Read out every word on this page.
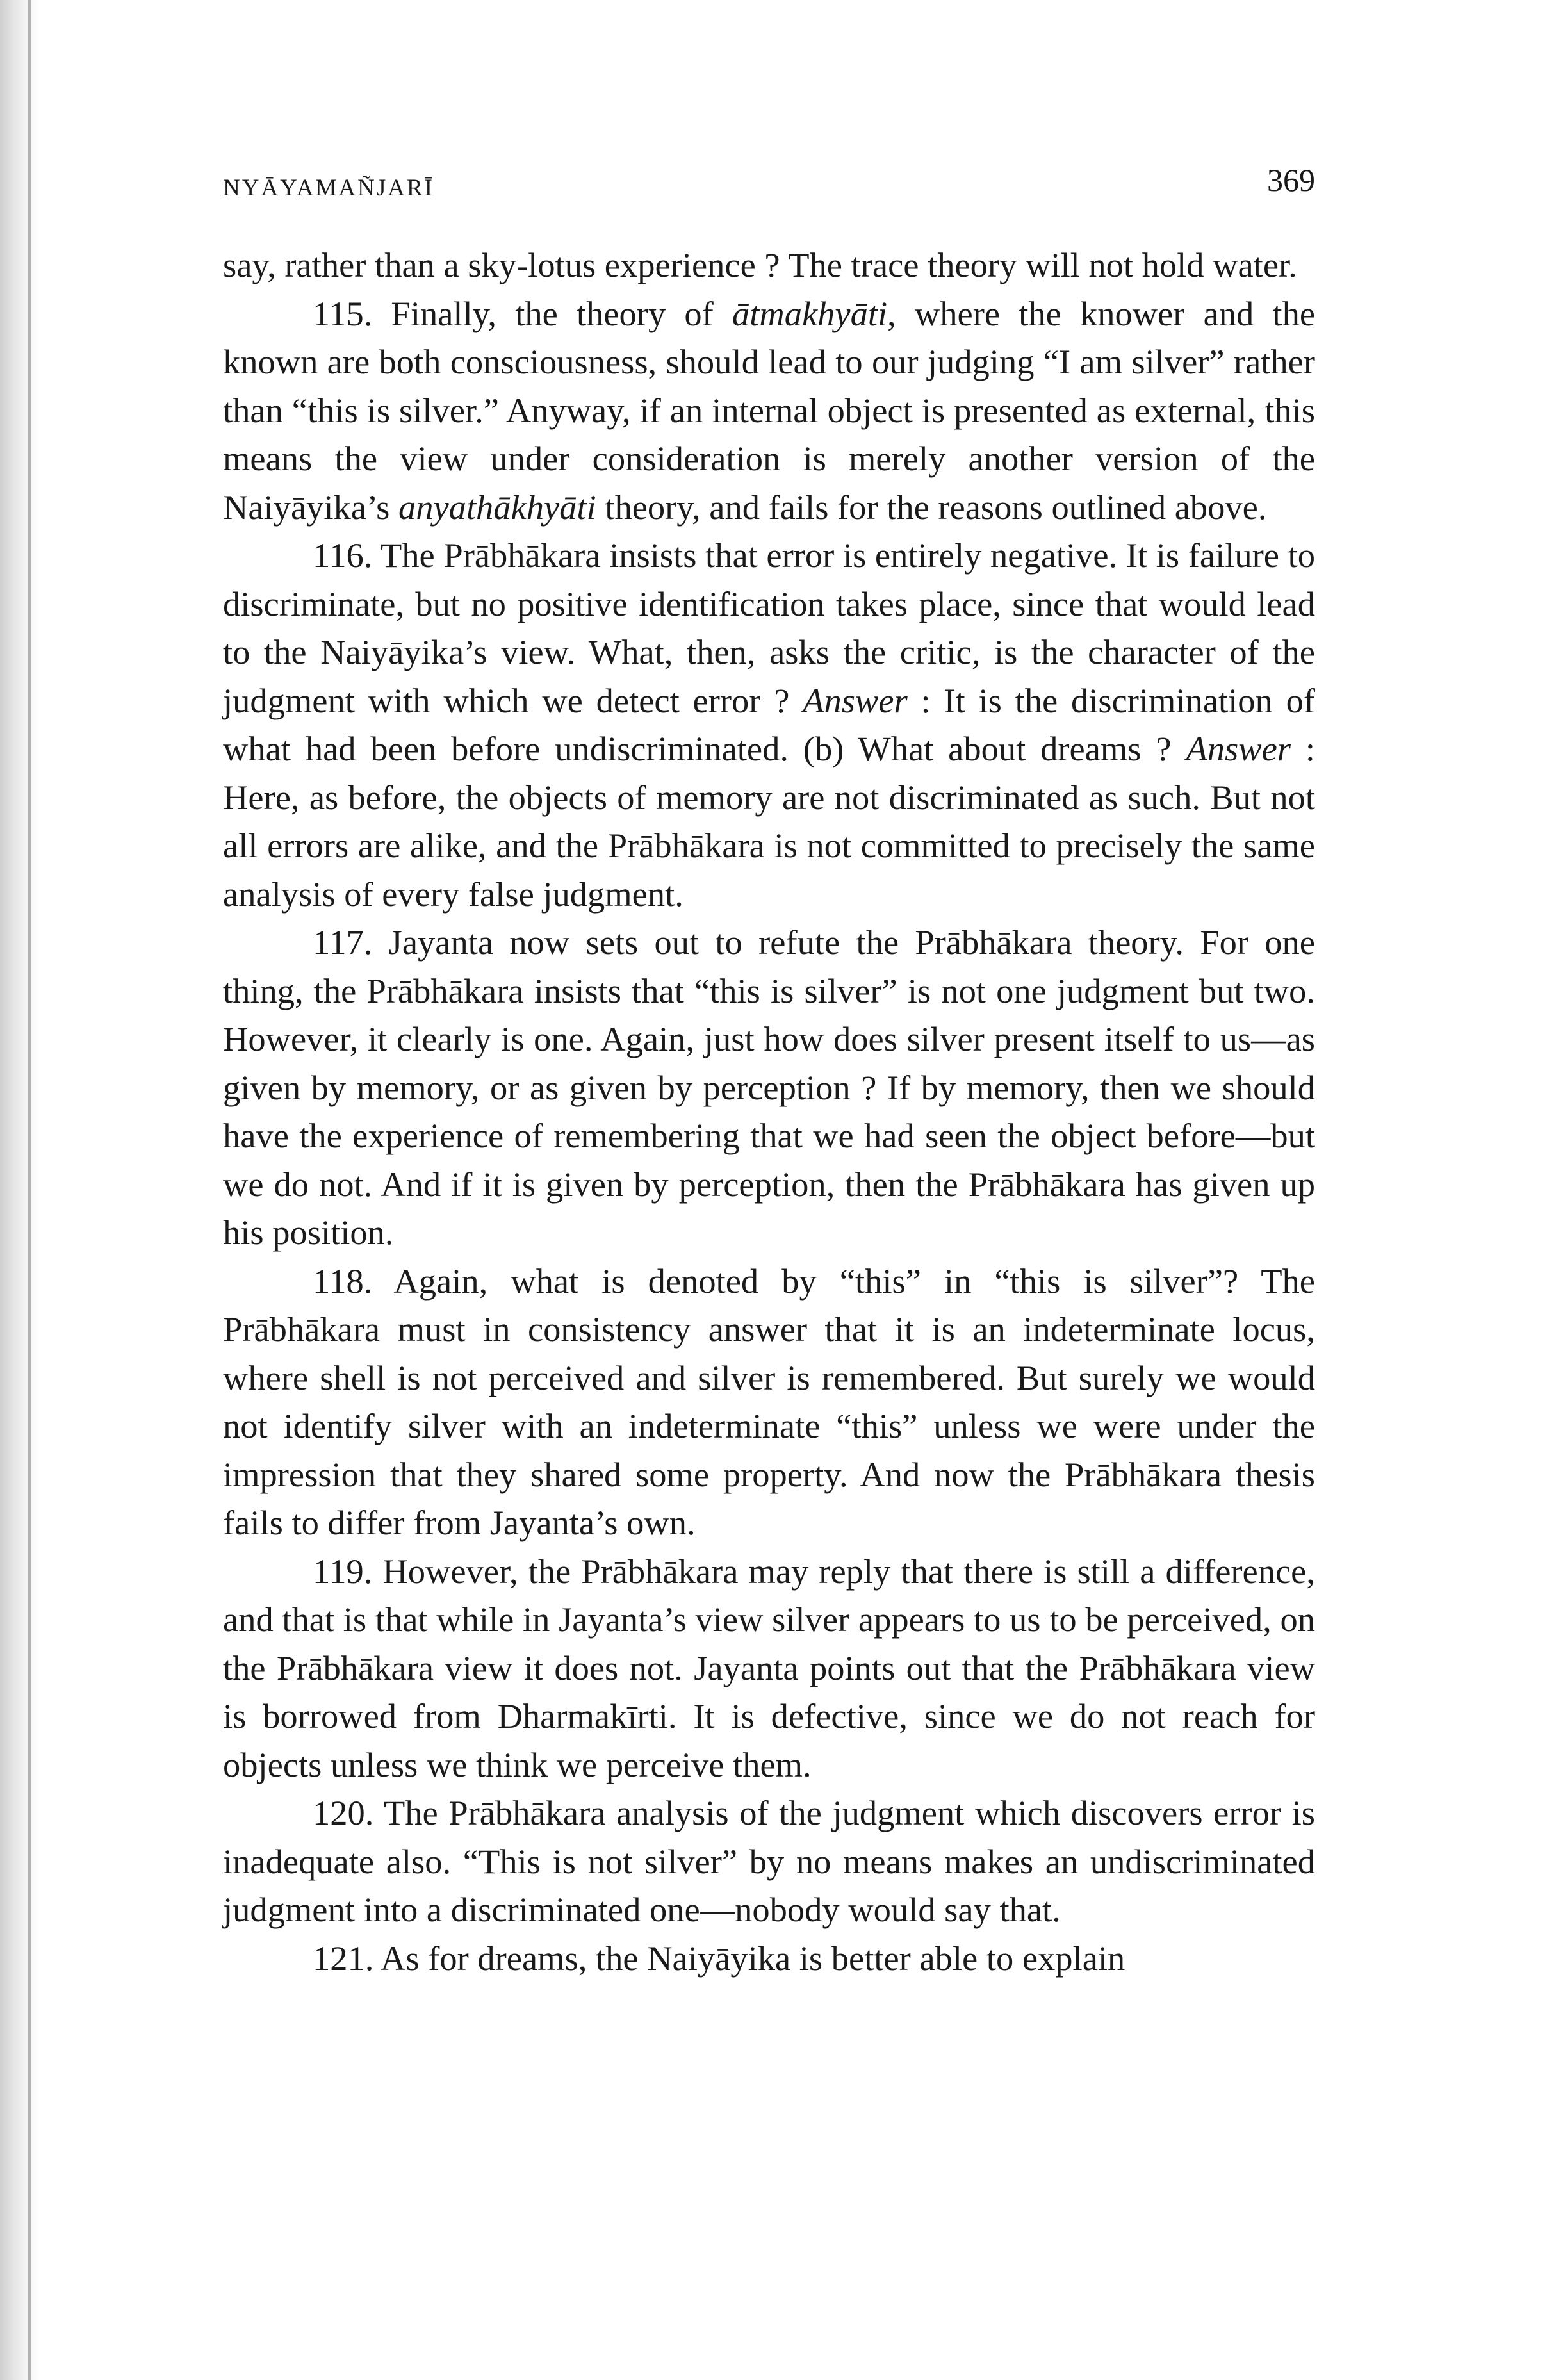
NYĀYAMAÑJARĪ	369

say, rather than a sky-lotus experience ? The trace theory will not hold water.

115. Finally, the theory of ātmakhyāti, where the knower and the known are both consciousness, should lead to our judging “I am silver” rather than “this is silver.” Anyway, if an internal object is presented as external, this means the view under consideration is merely another version of the Naiyāyika’s anyathākhyāti theory, and fails for the reasons outlined above.

116. The Prābhākara insists that error is entirely negative. It is failure to discriminate, but no positive identification takes place, since that would lead to the Naiyāyika’s view. What, then, asks the critic, is the character of the judgment with which we detect error ? Answer : It is the discrimination of what had been before undiscriminated. (b) What about dreams ? Answer : Here, as before, the objects of memory are not discriminated as such. But not all errors are alike, and the Prābhākara is not committed to precisely the same analysis of every false judgment.

117. Jayanta now sets out to refute the Prābhākara theory. For one thing, the Prābhākara insists that “this is silver” is not one judgment but two. However, it clearly is one. Again, just how does silver present itself to us—as given by memory, or as given by perception ? If by memory, then we should have the experience of remembering that we had seen the object before—but we do not. And if it is given by perception, then the Prābhākara has given up his position.

118. Again, what is denoted by “this” in “this is silver”? The Prābhākara must in consistency answer that it is an indeterminate locus, where shell is not perceived and silver is remembered. But surely we would not identify silver with an indeterminate “this” unless we were under the impression that they shared some property. And now the Prābhākara thesis fails to differ from Jayanta’s own.

119. However, the Prābhākara may reply that there is still a difference, and that is that while in Jayanta’s view silver appears to us to be perceived, on the Prābhākara view it does not. Jayanta points out that the Prābhākara view is borrowed from Dharmakīrti. It is defective, since we do not reach for objects unless we think we perceive them.

120. The Prābhākara analysis of the judgment which discovers error is inadequate also. “This is not silver” by no means makes an undiscriminated judgment into a discriminated one—nobody would say that.

121. As for dreams, the Naiyāyika is better able to explain
